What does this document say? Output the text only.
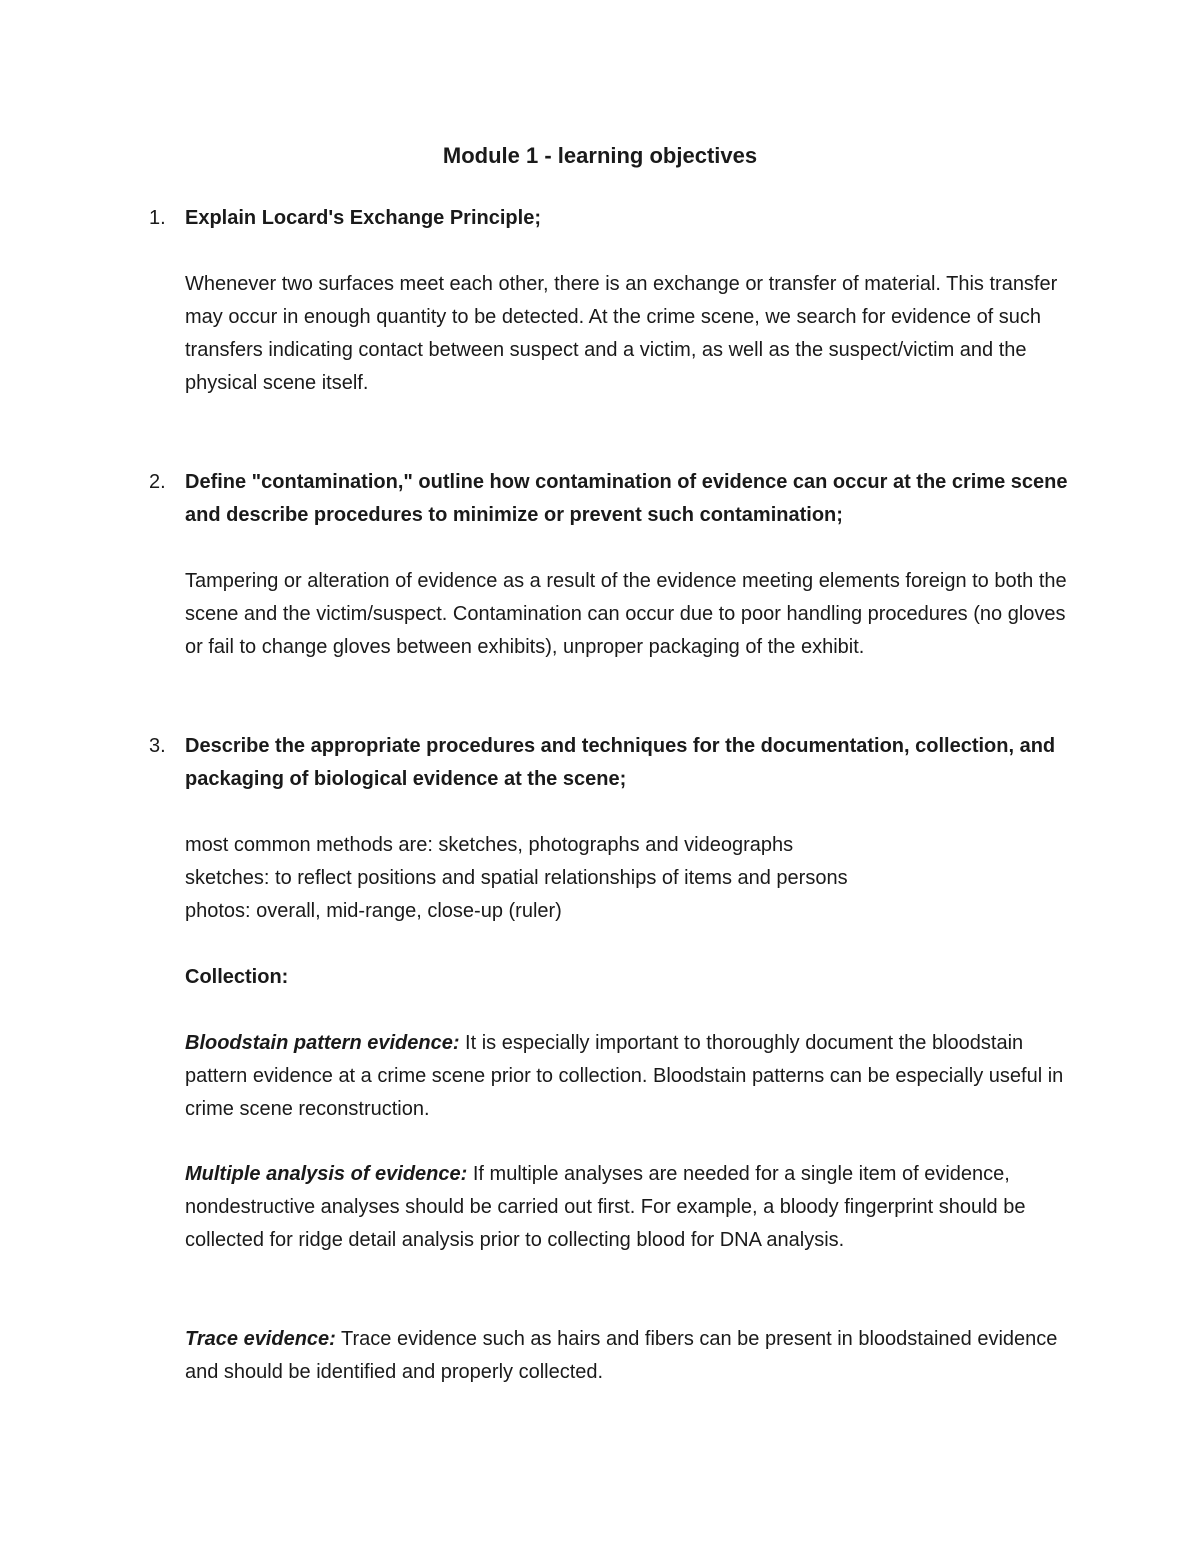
Module 1 - learning objectives
1. Explain Locard's Exchange Principle;

Whenever two surfaces meet each other, there is an exchange or transfer of material. This transfer may occur in enough quantity to be detected. At the crime scene, we search for evidence of such transfers indicating contact between suspect and a victim, as well as the suspect/victim and the physical scene itself.

2. Define "contamination," outline how contamination of evidence can occur at the crime scene and describe procedures to minimize or prevent such contamination;

Tampering or alteration of evidence as a result of the evidence meeting elements foreign to both the scene and the victim/suspect. Contamination can occur due to poor handling procedures (no gloves or fail to change gloves between exhibits), unproper packaging of the exhibit.

3. Describe the appropriate procedures and techniques for the documentation, collection, and packaging of biological evidence at the scene;

most common methods are: sketches, photographs and videographs
sketches: to reflect positions and spatial relationships of items and persons
photos: overall, mid-range, close-up (ruler)

Collection:

Bloodstain pattern evidence: It is especially important to thoroughly document the bloodstain pattern evidence at a crime scene prior to collection. Bloodstain patterns can be especially useful in crime scene reconstruction.

Multiple analysis of evidence: If multiple analyses are needed for a single item of evidence, nondestructive analyses should be carried out first. For example, a bloody fingerprint should be collected for ridge detail analysis prior to collecting blood for DNA analysis.

Trace evidence: Trace evidence such as hairs and fibers can be present in bloodstained evidence and should be identified and properly collected.
